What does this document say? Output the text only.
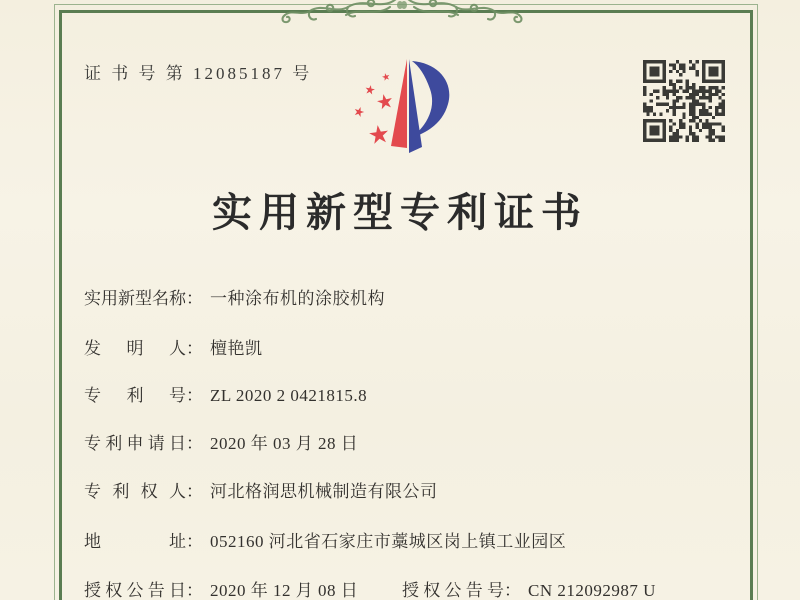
证 书 号 第 12085187 号
实用新型专利证书
实用新型名称： 一种涂布机的涂胶机构
发明人： 檀艳凯
专利号： ZL 2020 2 0421815.8
专利申请日： 2020 年 03 月 28 日
专利权人： 河北格润思机械制造有限公司
地址： 052160 河北省石家庄市藁城区岗上镇工业园区
授权公告日： 2020 年 12 月 08 日	授权公告号： CN 212092987 U
